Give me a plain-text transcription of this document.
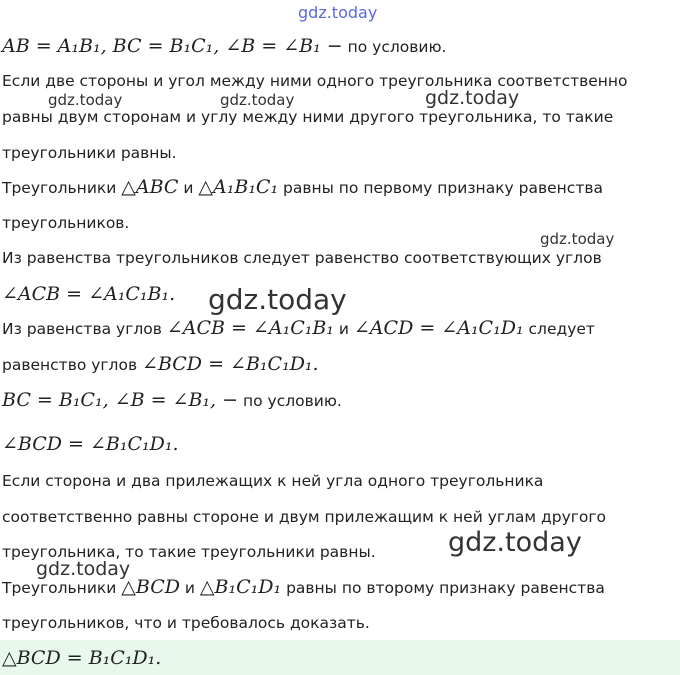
gdz.today
AB = A₁B₁, BC = B₁C₁, ∠B = ∠B₁ − по условию.
Если две стороны и угол между ними одного треугольника соответственно
gdz.today	gdz.today	gdz.today
равны двум сторонам и углу между ними другого треугольника, то такие
треугольники равны.
Треугольники △ABC и △A₁B₁C₁ равны по первому признаку равенства
треугольников.
gdz.today
Из равенства треугольников следует равенство соответствующих углов
∠ACB = ∠A₁C₁B₁. gdz.today
Из равенства углов ∠ACB = ∠A₁C₁B₁ и ∠ACD = ∠A₁C₁D₁ следует
равенство углов ∠BCD = ∠B₁C₁D₁.
BC = B₁C₁, ∠B = ∠B₁, − по условию.
∠BCD = ∠B₁C₁D₁.
Если сторона и два прилежащих к ней угла одного треугольника
соответственно равны стороне и двум прилежащим к ней углам другого
треугольника, то такие треугольники равны.	gdz.today
gdz.today
Треугольники △BCD и △B₁C₁D₁ равны по второму признаку равенства
треугольников, что и требовалось доказать.
△BCD = B₁C₁D₁.
